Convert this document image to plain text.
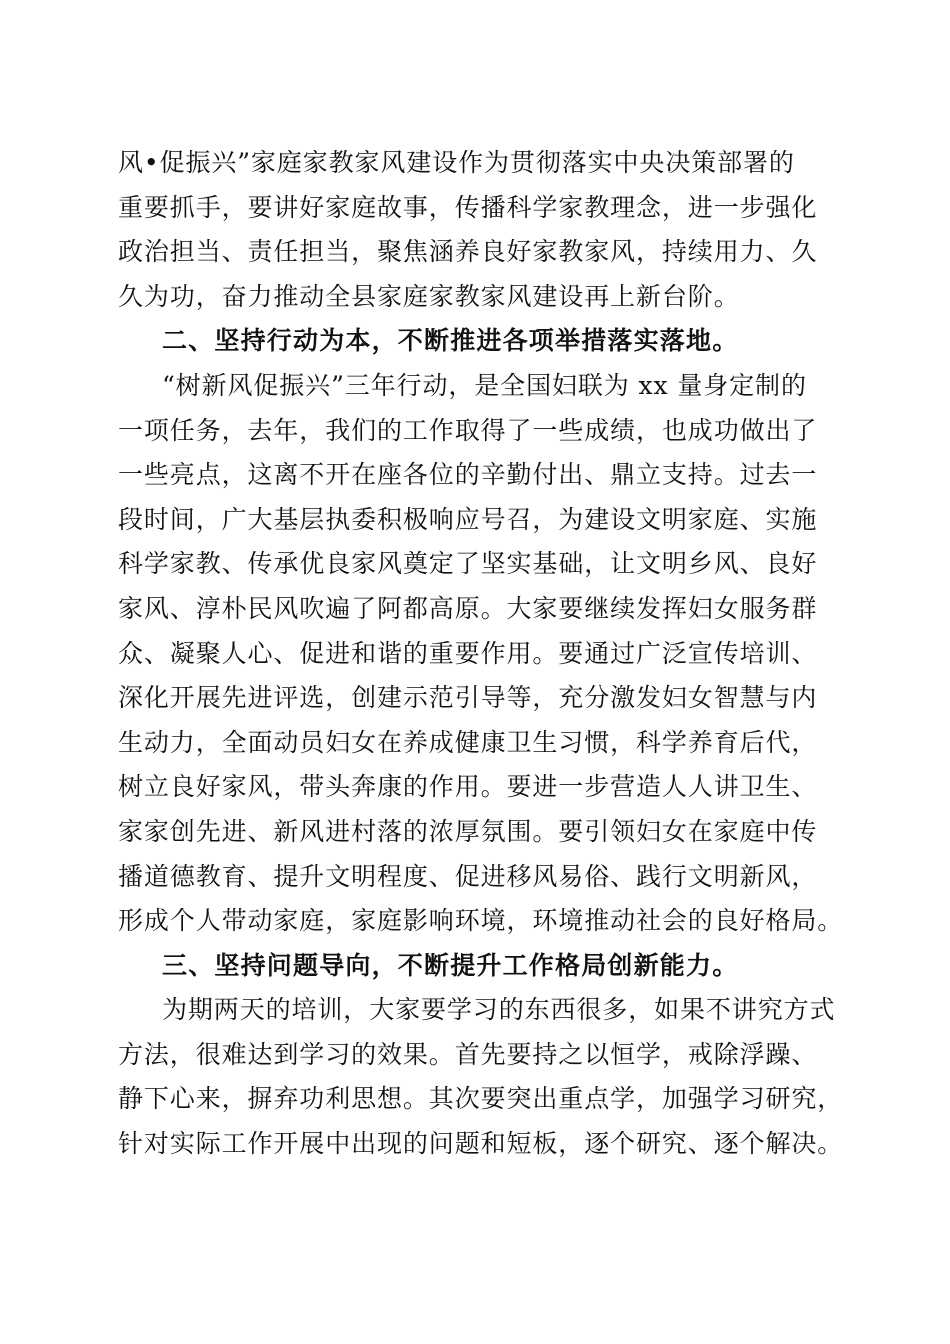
风•促振兴”家庭家教家风建设作为贯彻落实中央决策部署的
重要抓手，要讲好家庭故事，传播科学家教理念，进一步强化
政治担当、责任担当，聚焦涵养良好家教家风，持续用力、久
久为功，奋力推动全县家庭家教家风建设再上新台阶。
二、坚持行动为本，不断推进各项举措落实落地。
“树新风促振兴”三年行动，是全国妇联为 xx 量身定制的
一项任务，去年，我们的工作取得了一些成绩，也成功做出了
一些亮点，这离不开在座各位的辛勤付出、鼎立支持。过去一
段时间，广大基层执委积极响应号召，为建设文明家庭、实施
科学家教、传承优良家风奠定了坚实基础，让文明乡风、良好
家风、淳朴民风吹遍了阿都高原。大家要继续发挥妇女服务群
众、凝聚人心、促进和谐的重要作用。要通过广泛宣传培训、
深化开展先进评选，创建示范引导等，充分激发妇女智慧与内
生动力，全面动员妇女在养成健康卫生习惯，科学养育后代，
树立良好家风，带头奔康的作用。要进一步营造人人讲卫生、
家家创先进、新风进村落的浓厚氛围。要引领妇女在家庭中传
播道德教育、提升文明程度、促进移风易俗、践行文明新风，
形成个人带动家庭，家庭影响环境，环境推动社会的良好格局。
三、坚持问题导向，不断提升工作格局创新能力。
为期两天的培训，大家要学习的东西很多，如果不讲究方式
方法，很难达到学习的效果。首先要持之以恒学，戒除浮躁、
静下心来，摒弃功利思想。其次要突出重点学，加强学习研究，
针对实际工作开展中出现的问题和短板，逐个研究、逐个解决。
